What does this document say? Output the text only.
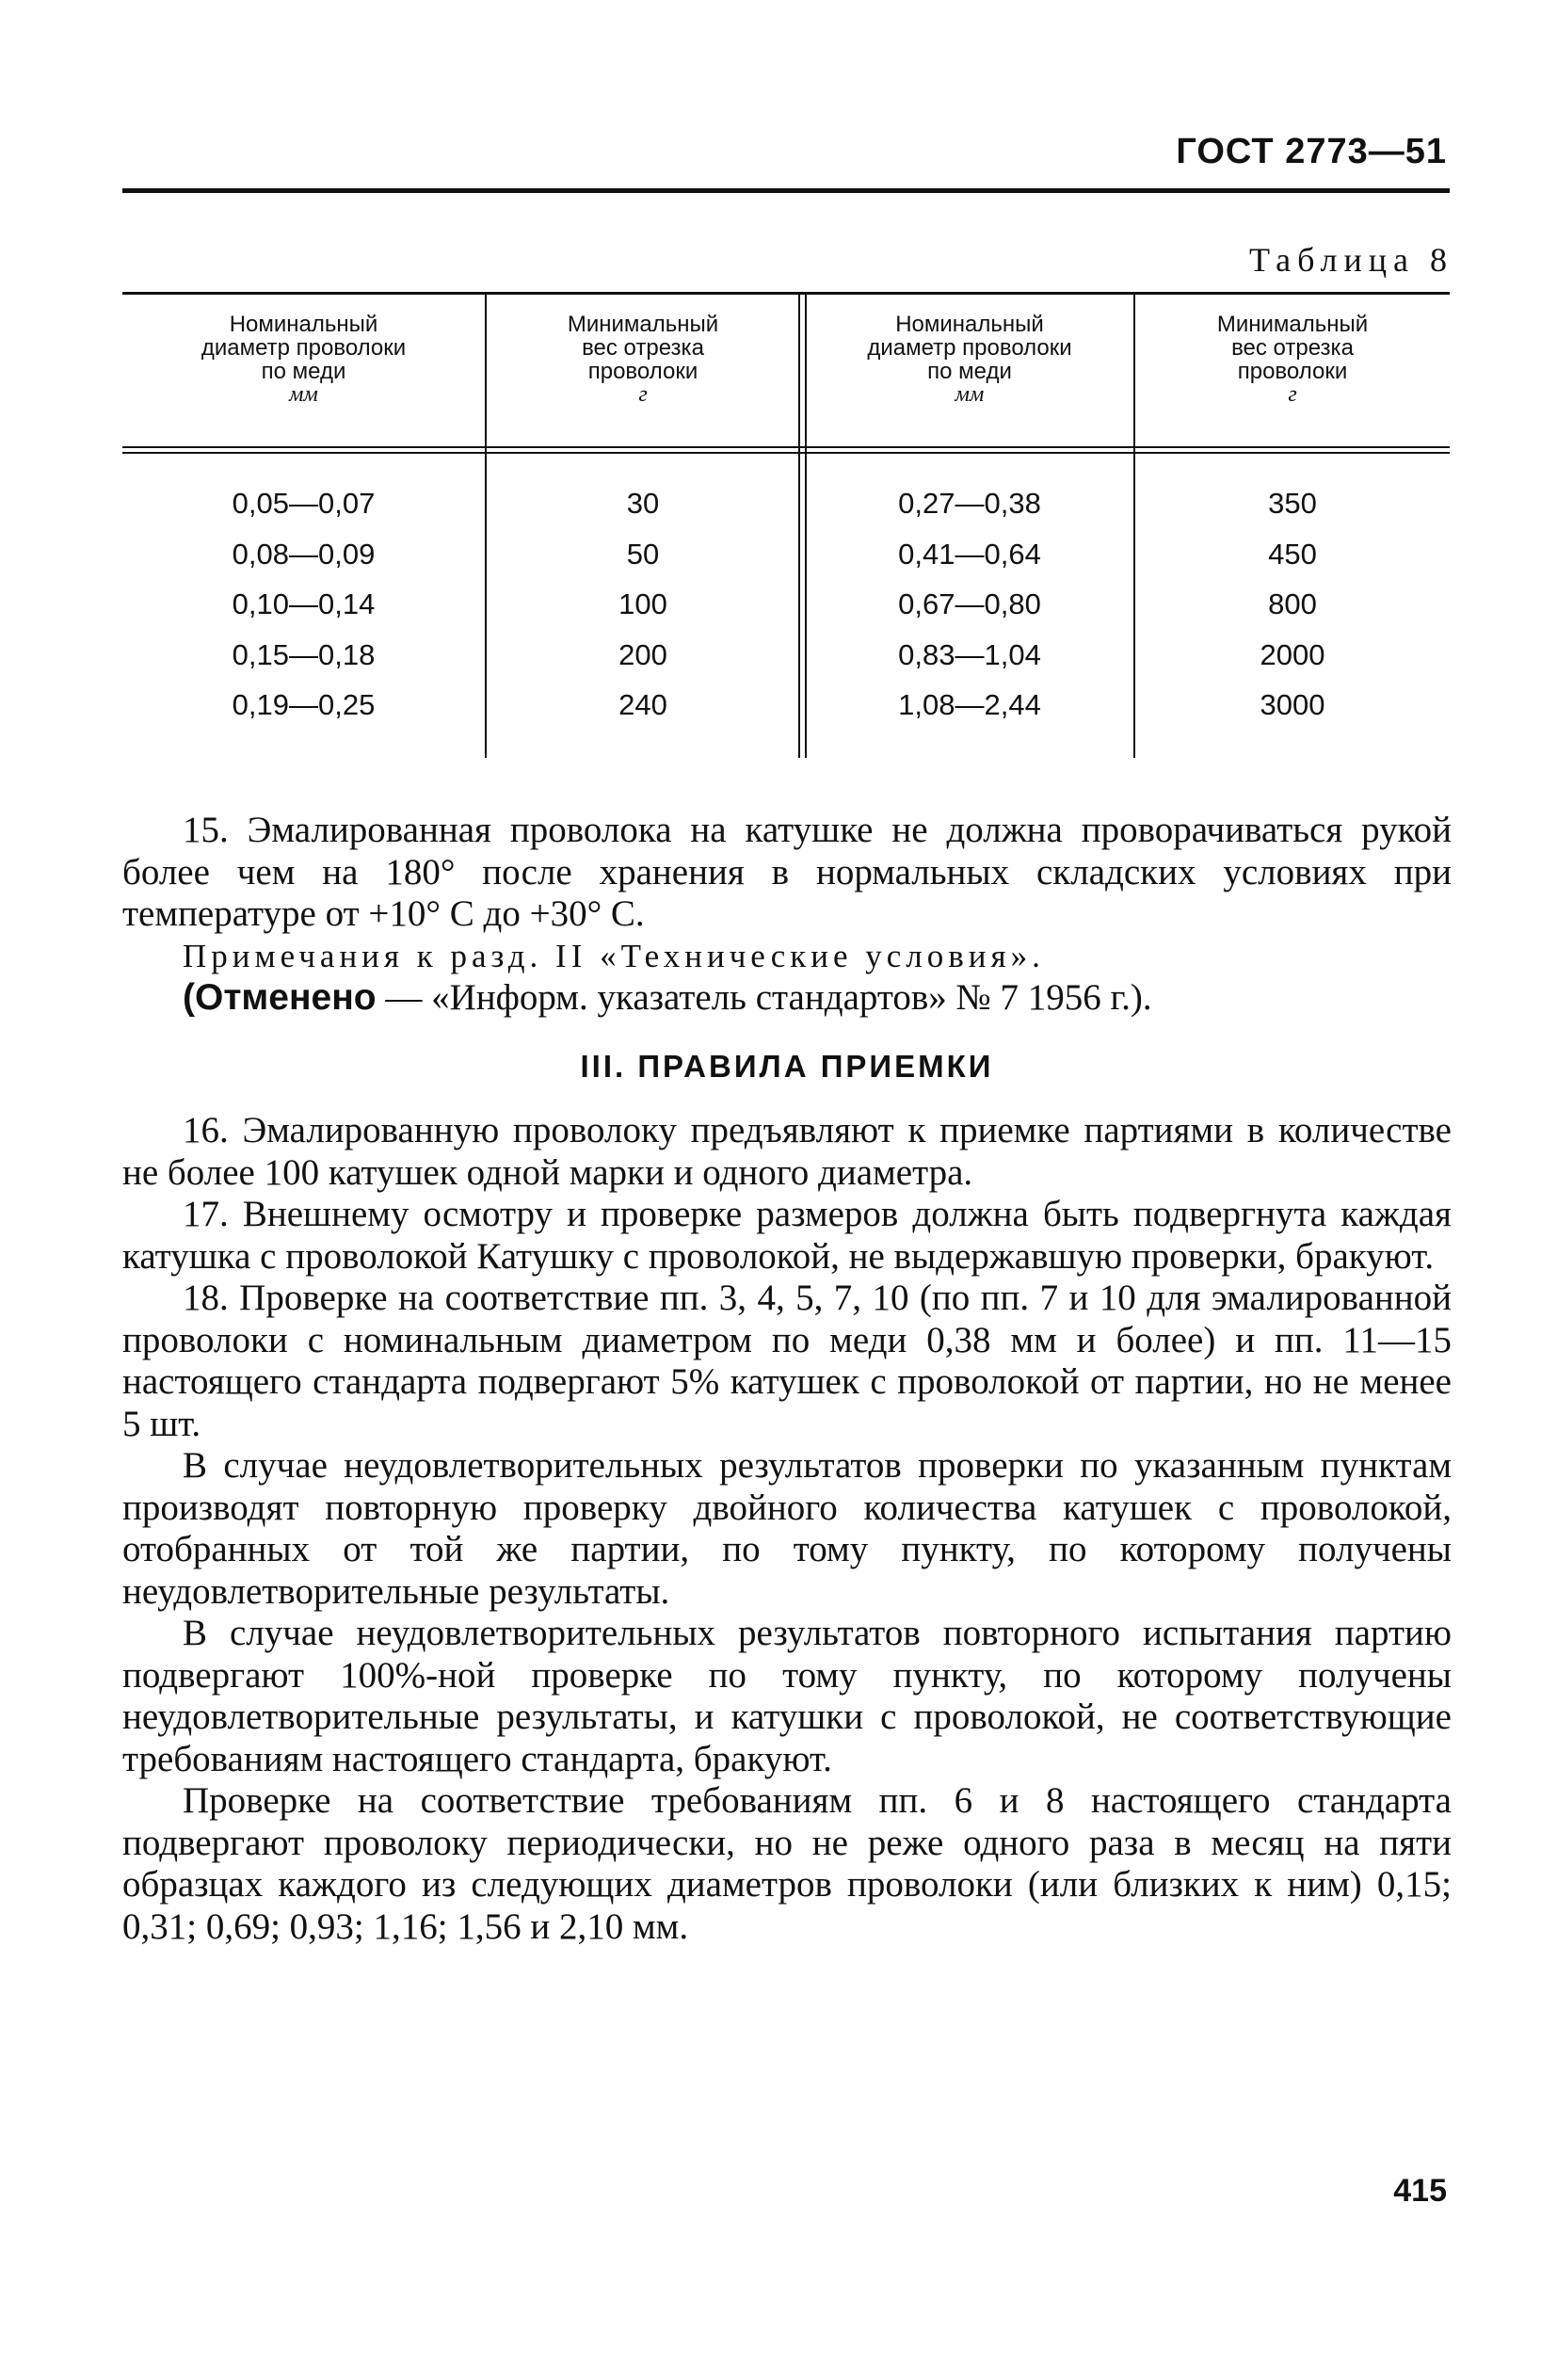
ГОСТ 2773—51
Таблица 8
Номинальный диаметр проволоки по меди
мм
Минимальный вес отрезка проволоки
г
Номинальный диаметр проволоки по меди
мм
Минимальный вес отрезка проволоки
г
0,05—0,07
0,08—0,09
0,10—0,14
0,15—0,18
0,19—0,25
30
50
100
200
240
0,27—0,38
0,41—0,64
0,67—0,80
0,83—1,04
1,08—2,44
350
450
800
2000
3000

15. Эмалированная проволока на катушке не должна проворачиваться рукой более чем на 180° после хранения в нормальных складских условиях при температуре от +10° С до +30° С.

Примечания к разд. II «Технические условия».

(Отменено — «Информ. указатель стандартов» № 7 1956 г.).

III. ПРАВИЛА ПРИЕМКИ

16. Эмалированную проволоку предъявляют к приемке партиями в количестве не более 100 катушек одной марки и одного диаметра.

17. Внешнему осмотру и проверке размеров должна быть подвергнута каждая катушка с проволокой Катушку с проволокой, не выдержавшую проверки, бракуют.

18. Проверке на соответствие пп. 3, 4, 5, 7, 10 (по пп. 7 и 10 для эмалированной проволоки с номинальным диаметром по меди 0,38 мм и более) и пп. 11—15 настоящего стандарта подвергают 5% катушек с проволокой от партии, но не менее 5 шт.

В случае неудовлетворительных результатов проверки по указанным пунктам производят повторную проверку двойного количества катушек с проволокой, отобранных от той же партии, по тому пункту, по которому получены неудовлетворительные результаты.

В случае неудовлетворительных результатов повторного испытания партию подвергают 100%-ной проверке по тому пункту, по которому получены неудовлетворительные результаты, и катушки с проволокой, не соответствующие требованиям настоящего стандарта, бракуют.

Проверке на соответствие требованиям пп. 6 и 8 настоящего стандарта подвергают проволоку периодически, но не реже одного раза в месяц на пяти образцах каждого из следующих диаметров проволоки (или близких к ним) 0,15; 0,31; 0,69; 0,93; 1,16; 1,56 и 2,10 мм.

415
